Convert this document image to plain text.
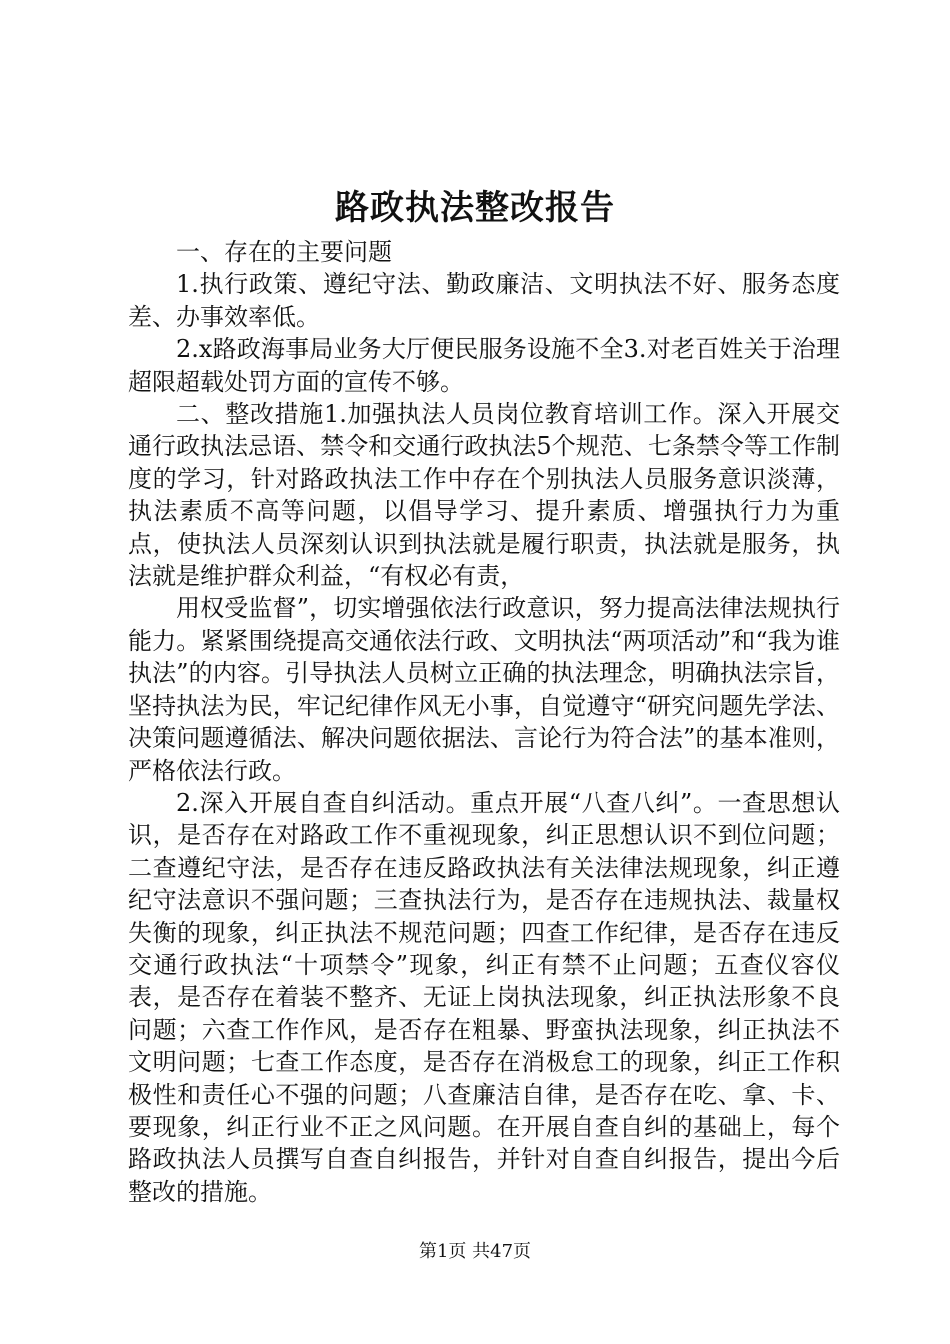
路政执法整改报告

一、存在的主要问题

1.执行政策、遵纪守法、勤政廉洁、文明执法不好、服务态度差、办事效率低。

2.x路政海事局业务大厅便民服务设施不全3.对老百姓关于治理超限超载处罚方面的宣传不够。

二、整改措施1.加强执法人员岗位教育培训工作。深入开展交通行政执法忌语、禁令和交通行政执法5个规范、七条禁令等工作制度的学习，针对路政执法工作中存在个别执法人员服务意识淡薄，执法素质不高等问题，以倡导学习、提升素质、增强执行力为重点，使执法人员深刻认识到执法就是履行职责，执法就是服务，执法就是维护群众利益，“有权必有责，

用权受监督”，切实增强依法行政意识，努力提高法律法规执行能力。紧紧围绕提高交通依法行政、文明执法“两项活动”和“我为谁执法”的内容。引导执法人员树立正确的执法理念，明确执法宗旨，坚持执法为民，牢记纪律作风无小事，自觉遵守“研究问题先学法、决策问题遵循法、解决问题依据法、言论行为符合法”的基本准则，严格依法行政。

2.深入开展自查自纠活动。重点开展“八查八纠”。一查思想认识，是否存在对路政工作不重视现象，纠正思想认识不到位问题；二查遵纪守法，是否存在违反路政执法有关法律法规现象，纠正遵纪守法意识不强问题；三查执法行为，是否存在违规执法、裁量权失衡的现象，纠正执法不规范问题；四查工作纪律，是否存在违反交通行政执法“十项禁令”现象，纠正有禁不止问题；五查仪容仪表，是否存在着装不整齐、无证上岗执法现象，纠正执法形象不良问题；六查工作作风，是否存在粗暴、野蛮执法现象，纠正执法不文明问题；七查工作态度，是否存在消极怠工的现象，纠正工作积极性和责任心不强的问题；八查廉洁自律，是否存在吃、拿、卡、要现象，纠正行业不正之风问题。在开展自查自纠的基础上，每个路政执法人员撰写自查自纠报告，并针对自查自纠报告，提出今后整改的措施。

第1页 共47页
